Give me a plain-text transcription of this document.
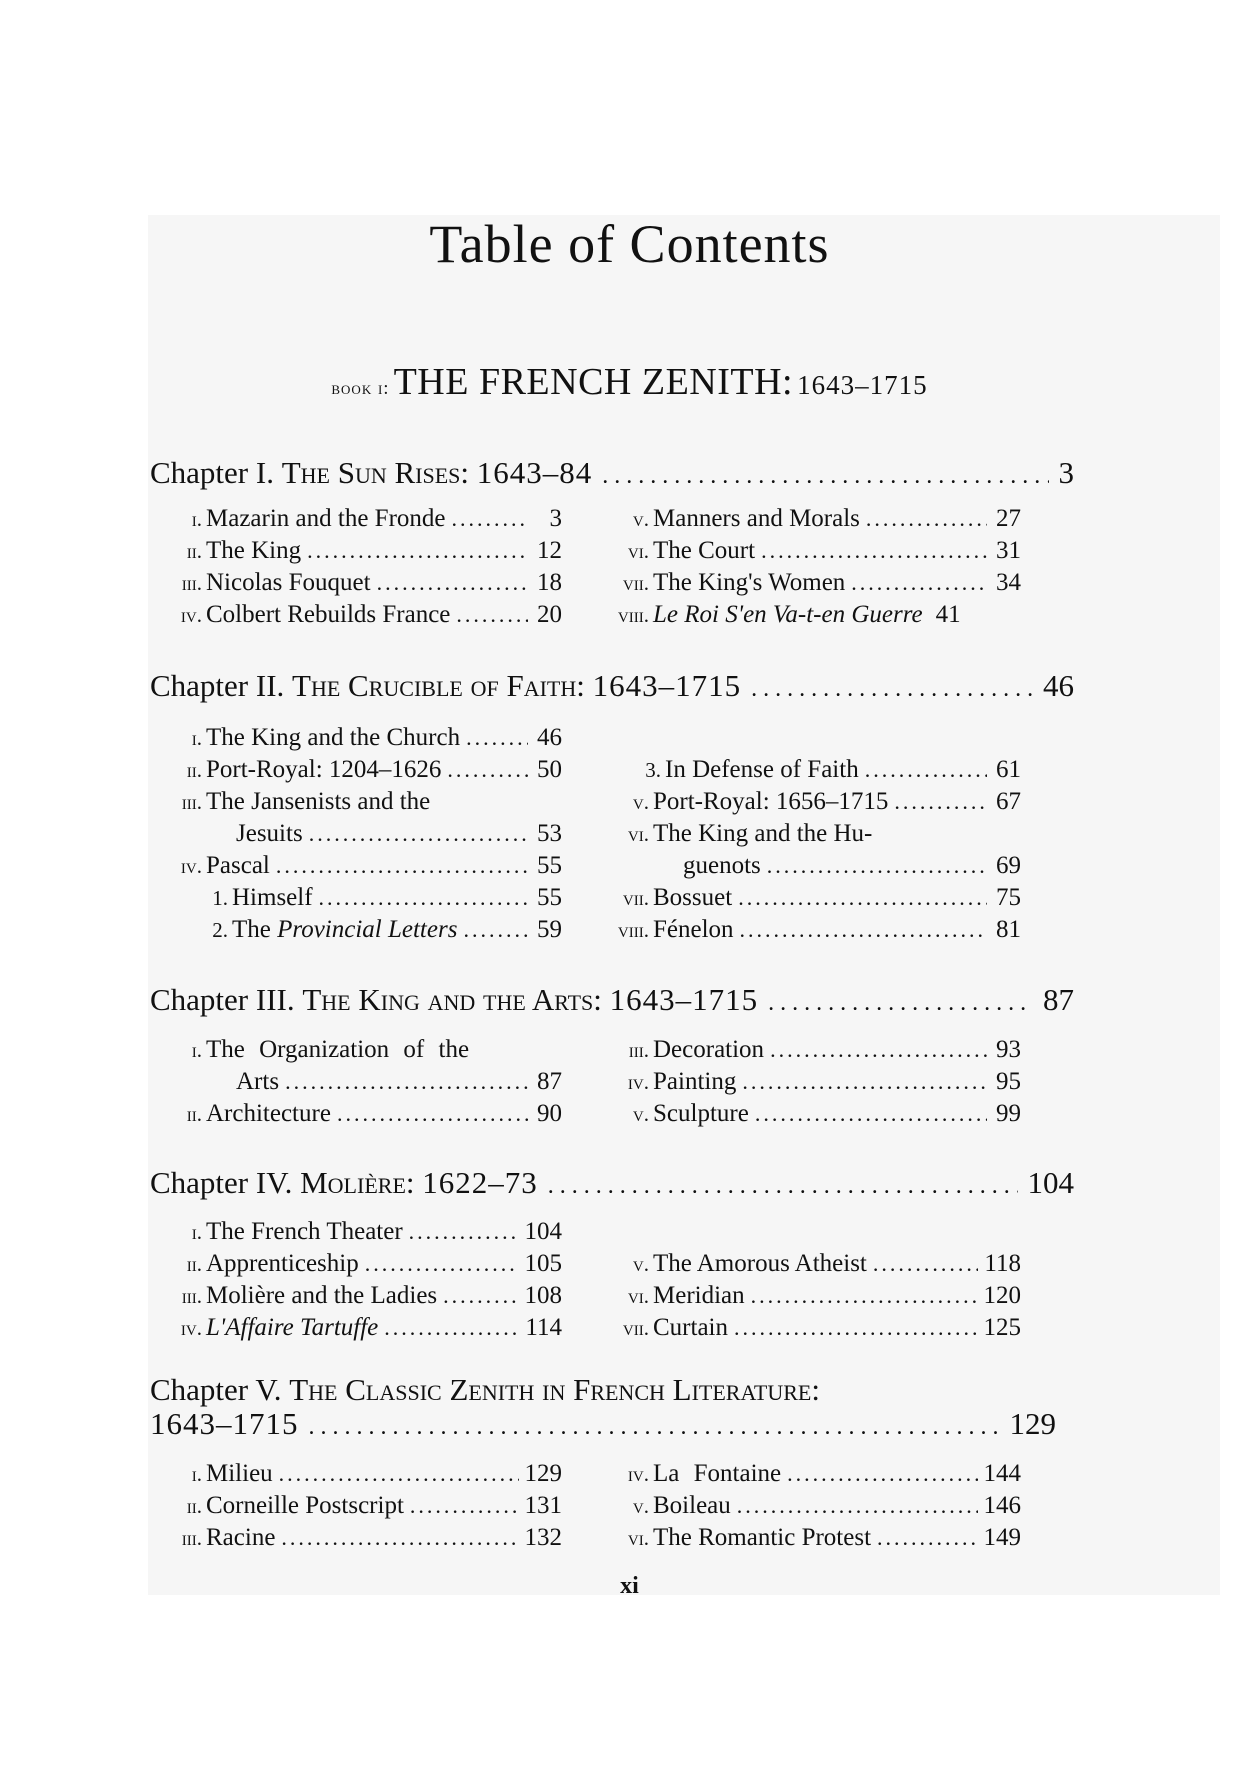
Table of Contents
book i: THE FRENCH ZENITH: 1643–1715
Chapter I.
The Sun Rises:
1643–84 . . .	3
i. Mazarin and the Fronde .....	3
ii. The King .....	12
iii. Nicolas Fouquet .....	18
iv. Colbert Rebuilds France .....	20
v. Manners and Morals .....	27
vi. The Court .....	31
vii. The King's Women .....	34
viii. Le Roi S'en Va-t-en Guerre 41
Chapter II.
The Crucible of Faith:
1643–1715 . . .	46
i. The King and the Church .....	46
ii. Port-Royal: 1204–1626 .....	50
iii. The Jansenists and the
Jesuits .....	53
iv. Pascal .....	55
1. Himself .....	55
2. The Provincial Letters .....	59
3. In Defense of Faith .....	61
v. Port-Royal: 1656–1715 .....	67
vi. The King and the Hu-
guenots .....	69
vii. Bossuet .....	75
viii. Fénelon .....	81
Chapter III.
The King and the Arts:
1643–1715 . . .	87
i. The Organization of the
Arts .....	87
ii. Architecture .....	90
iii. Decoration .....	93
iv. Painting .....	95
v. Sculpture .....	99
Chapter IV.
Molière:
1622–73 . . .	104
i. The French Theater .....	104
ii. Apprenticeship .....	105
iii. Molière and the Ladies .....	108
iv. L'Affaire Tartuffe .....	114
v. The Amorous Atheist .....	118
vi. Meridian .....	120
vii. Curtain .....	125
Chapter V.
The Classic Zenith in French Literature:
1643–1715 . . .	129
i. Milieu .....	129
ii. Corneille Postscript .....	131
iii. Racine .....	132
iv. La Fontaine .....	144
v. Boileau .....	146
vi. The Romantic Protest .....	149
xi
